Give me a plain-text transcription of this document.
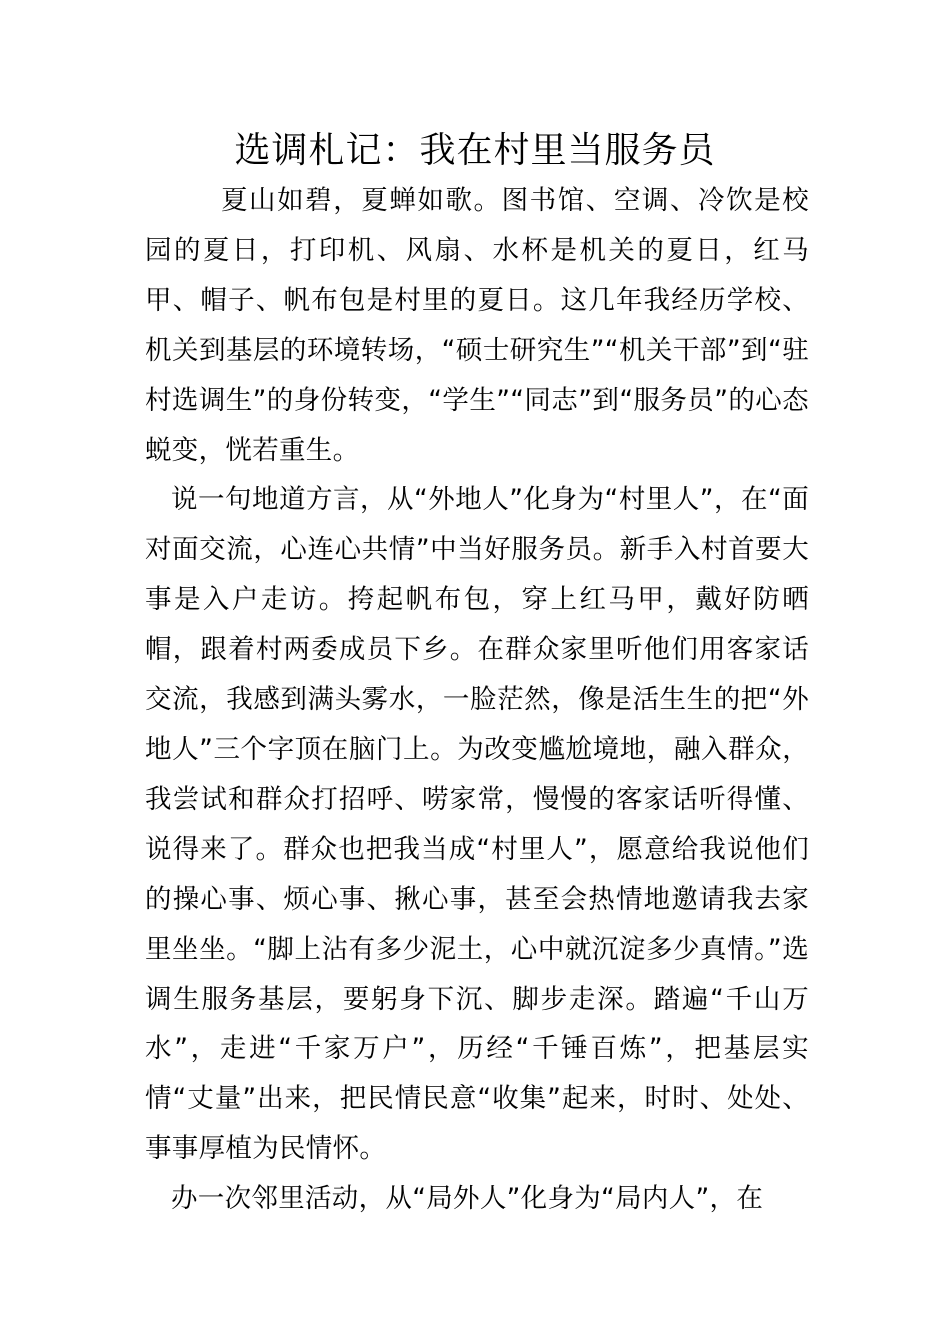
选调札记：我在村里当服务员

夏山如碧，夏蝉如歌。图书馆、空调、冷饮是校园的夏日，打印机、风扇、水杯是机关的夏日，红马甲、帽子、帆布包是村里的夏日。这几年我经历学校、机关到基层的环境转场，“硕士研究生”“机关干部”到“驻村选调生”的身份转变，“学生”“同志”到“服务员”的心态蜕变，恍若重生。

说一句地道方言，从“外地人”化身为“村里人”，在“面对面交流，心连心共情”中当好服务员。新手入村首要大事是入户走访。挎起帆布包，穿上红马甲，戴好防晒帽，跟着村两委成员下乡。在群众家里听他们用客家话交流，我感到满头雾水，一脸茫然，像是活生生的把“外地人”三个字顶在脑门上。为改变尴尬境地，融入群众，我尝试和群众打招呼、唠家常，慢慢的客家话听得懂、说得来了。群众也把我当成“村里人”，愿意给我说他们的操心事、烦心事、揪心事，甚至会热情地邀请我去家里坐坐。“脚上沾有多少泥土，心中就沉淀多少真情。”选调生服务基层，要躬身下沉、脚步走深。踏遍“千山万水”，走进“千家万户”，历经“千锤百炼”，把基层实情“丈量”出来，把民情民意“收集”起来，时时、处处、事事厚植为民情怀。

办一次邻里活动，从“局外人”化身为“局内人”，在
